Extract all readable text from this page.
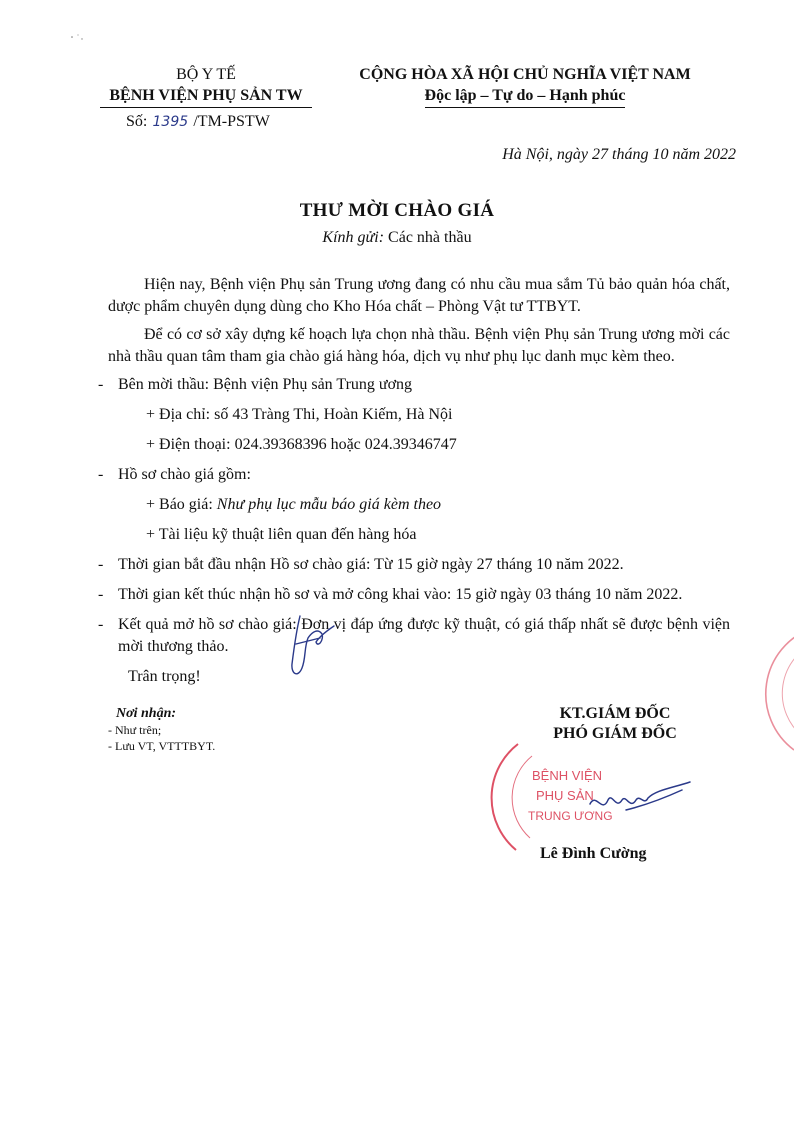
BỘ Y TẾ
BỆNH VIỆN PHỤ SẢN TW
Số: 1395 /TM-PSTW
CỘNG HÒA XÃ HỘI CHỦ NGHĨA VIỆT NAM
Độc lập – Tự do – Hạnh phúc
Hà Nội, ngày 27 tháng 10 năm 2022
THƯ MỜI CHÀO GIÁ
Kính gửi: Các nhà thầu

Hiện nay, Bệnh viện Phụ sản Trung ương đang có nhu cầu mua sắm Tủ bảo quản hóa chất, dược phẩm chuyên dụng dùng cho Kho Hóa chất – Phòng Vật tư TTBYT.

Để có cơ sở xây dựng kế hoạch lựa chọn nhà thầu. Bệnh viện Phụ sản Trung ương mời các nhà thầu quan tâm tham gia chào giá hàng hóa, dịch vụ như phụ lục danh mục kèm theo.

- Bên mời thầu: Bệnh viện Phụ sản Trung ương
+ Địa chỉ: số 43 Tràng Thi, Hoàn Kiếm, Hà Nội
+ Điện thoại: 024.39368396 hoặc 024.39346747
- Hồ sơ chào giá gồm:
+ Báo giá: Như phụ lục mẫu báo giá kèm theo
+ Tài liệu kỹ thuật liên quan đến hàng hóa
- Thời gian bắt đầu nhận Hồ sơ chào giá: Từ 15 giờ ngày 27 tháng 10 năm 2022.
- Thời gian kết thúc nhận hồ sơ và mở công khai vào: 15 giờ ngày 03 tháng 10 năm 2022.
- Kết quả mở hồ sơ chào giá: Đơn vị đáp ứng được kỹ thuật, có giá thấp nhất sẽ được bệnh viện mời thương thảo.
Trân trọng!
Nơi nhận:
- Như trên;
- Lưu VT, VTTTBYT.
BỆNH VIỆN
PHỤ SẢN
TRUNG ƯƠNG
KT.GIÁM ĐỐC
PHÓ GIÁM ĐỐC
Lê Đình Cường
